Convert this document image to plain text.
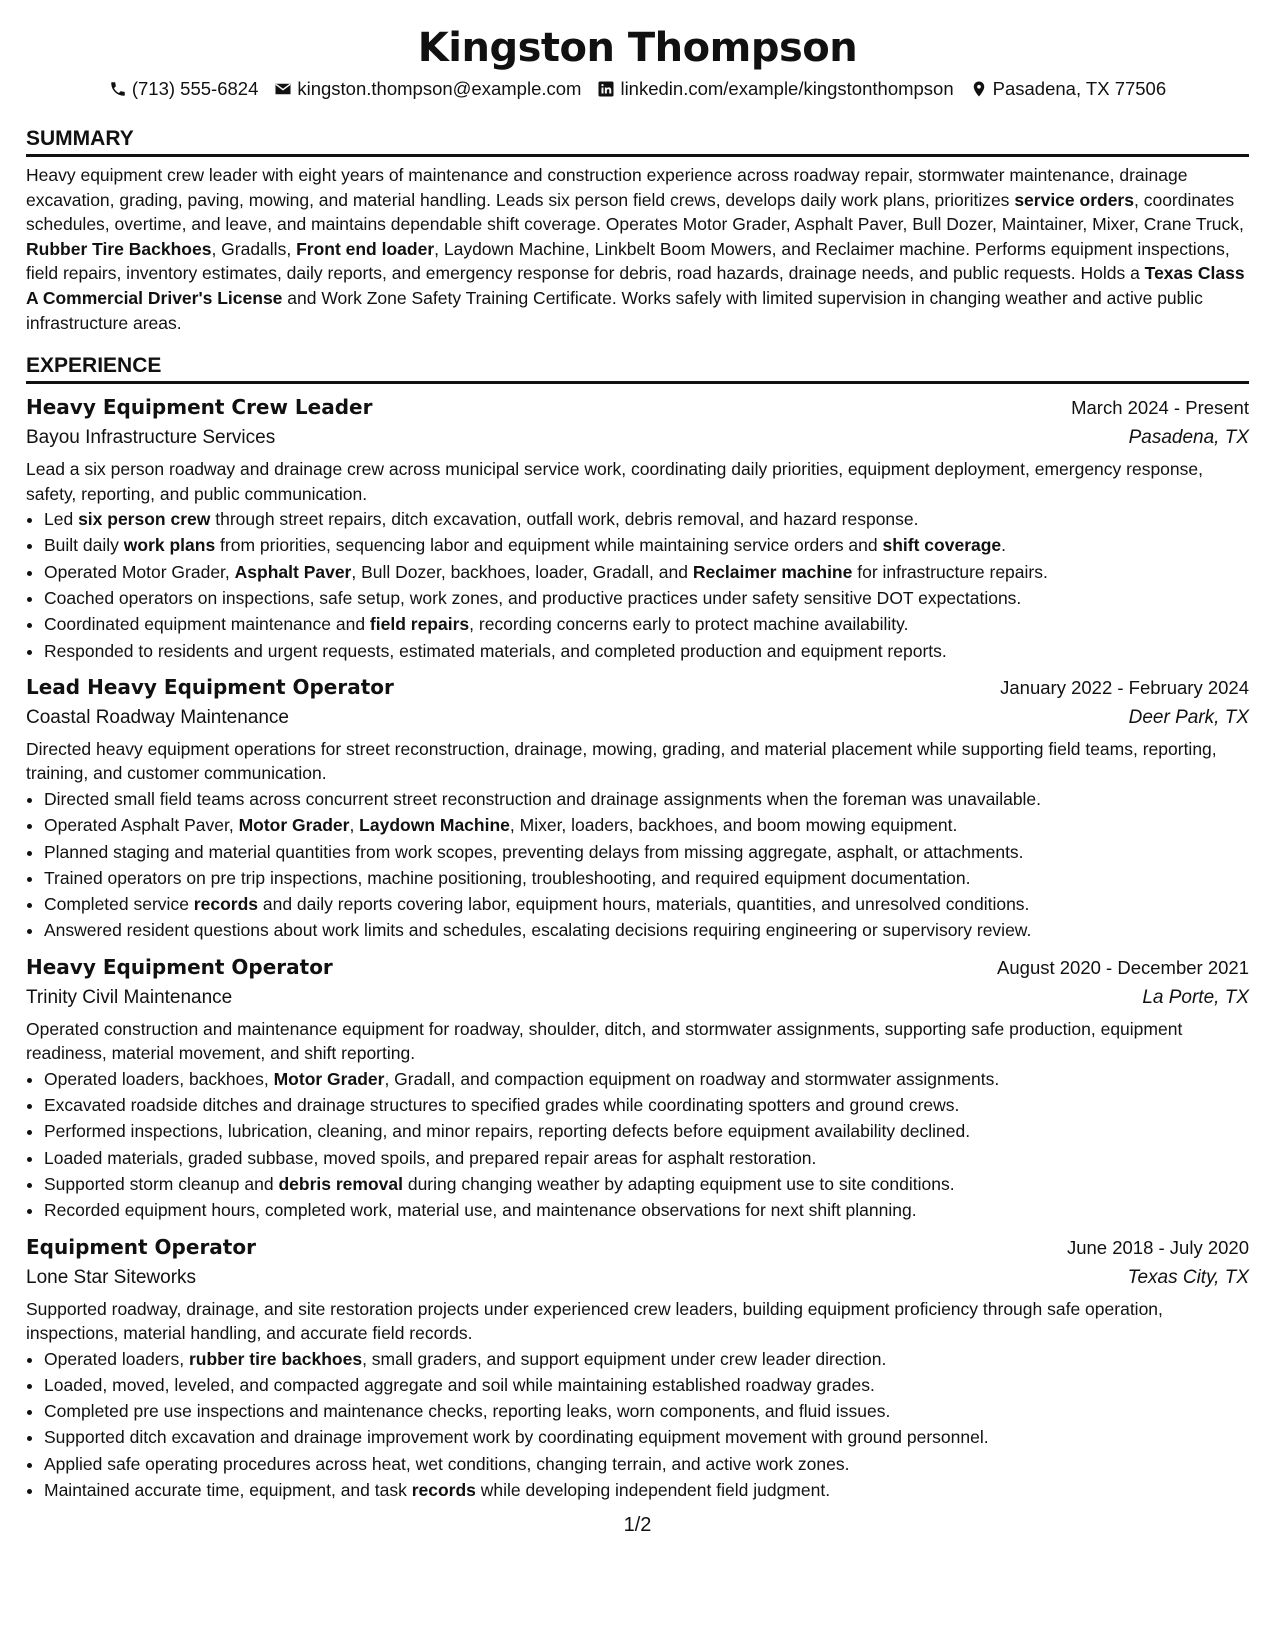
Kingston Thompson
(713) 555-6824 kingston.thompson@example.com linkedin.com/example/kingstonthompson Pasadena, TX 77506
SUMMARY

Heavy equipment crew leader with eight years of maintenance and construction experience across roadway repair, stormwater maintenance, drainage excavation, grading, paving, mowing, and material handling. Leads six person field crews, develops daily work plans, prioritizes service orders, coordinates schedules, overtime, and leave, and maintains dependable shift coverage. Operates Motor Grader, Asphalt Paver, Bull Dozer, Maintainer, Mixer, Crane Truck, Rubber Tire Backhoes, Gradalls, Front end loader, Laydown Machine, Linkbelt Boom Mowers, and Reclaimer machine. Performs equipment inspections, field repairs, inventory estimates, daily reports, and emergency response for debris, road hazards, drainage needs, and public requests. Holds a Texas Class A Commercial Driver's License and Work Zone Safety Training Certificate. Works safely with limited supervision in changing weather and active public infrastructure areas.

EXPERIENCE
Heavy Equipment Crew Leader	March 2024 - Present
Bayou Infrastructure Services	Pasadena, TX

Lead a six person roadway and drainage crew across municipal service work, coordinating daily priorities, equipment deployment, emergency response, safety, reporting, and public communication.

• Led six person crew through street repairs, ditch excavation, outfall work, debris removal, and hazard response.
• Built daily work plans from priorities, sequencing labor and equipment while maintaining service orders and shift coverage.
• Operated Motor Grader, Asphalt Paver, Bull Dozer, backhoes, loader, Gradall, and Reclaimer machine for infrastructure repairs.
• Coached operators on inspections, safe setup, work zones, and productive practices under safety sensitive DOT expectations.
• Coordinated equipment maintenance and field repairs, recording concerns early to protect machine availability.
• Responded to residents and urgent requests, estimated materials, and completed production and equipment reports.
Lead Heavy Equipment Operator	January 2022 - February 2024
Coastal Roadway Maintenance	Deer Park, TX

Directed heavy equipment operations for street reconstruction, drainage, mowing, grading, and material placement while supporting field teams, reporting, training, and customer communication.

• Directed small field teams across concurrent street reconstruction and drainage assignments when the foreman was unavailable.
• Operated Asphalt Paver, Motor Grader, Laydown Machine, Mixer, loaders, backhoes, and boom mowing equipment.
• Planned staging and material quantities from work scopes, preventing delays from missing aggregate, asphalt, or attachments.
• Trained operators on pre trip inspections, machine positioning, troubleshooting, and required equipment documentation.
• Completed service records and daily reports covering labor, equipment hours, materials, quantities, and unresolved conditions.
• Answered resident questions about work limits and schedules, escalating decisions requiring engineering or supervisory review.
Heavy Equipment Operator	August 2020 - December 2021
Trinity Civil Maintenance	La Porte, TX

Operated construction and maintenance equipment for roadway, shoulder, ditch, and stormwater assignments, supporting safe production, equipment readiness, material movement, and shift reporting.

• Operated loaders, backhoes, Motor Grader, Gradall, and compaction equipment on roadway and stormwater assignments.
• Excavated roadside ditches and drainage structures to specified grades while coordinating spotters and ground crews.
• Performed inspections, lubrication, cleaning, and minor repairs, reporting defects before equipment availability declined.
• Loaded materials, graded subbase, moved spoils, and prepared repair areas for asphalt restoration.
• Supported storm cleanup and debris removal during changing weather by adapting equipment use to site conditions.
• Recorded equipment hours, completed work, material use, and maintenance observations for next shift planning.
Equipment Operator	June 2018 - July 2020
Lone Star Siteworks	Texas City, TX

Supported roadway, drainage, and site restoration projects under experienced crew leaders, building equipment proficiency through safe operation, inspections, material handling, and accurate field records.

• Operated loaders, rubber tire backhoes, small graders, and support equipment under crew leader direction.
• Loaded, moved, leveled, and compacted aggregate and soil while maintaining established roadway grades.
• Completed pre use inspections and maintenance checks, reporting leaks, worn components, and fluid issues.
• Supported ditch excavation and drainage improvement work by coordinating equipment movement with ground personnel.
• Applied safe operating procedures across heat, wet conditions, changing terrain, and active work zones.
• Maintained accurate time, equipment, and task records while developing independent field judgment.
1/2
